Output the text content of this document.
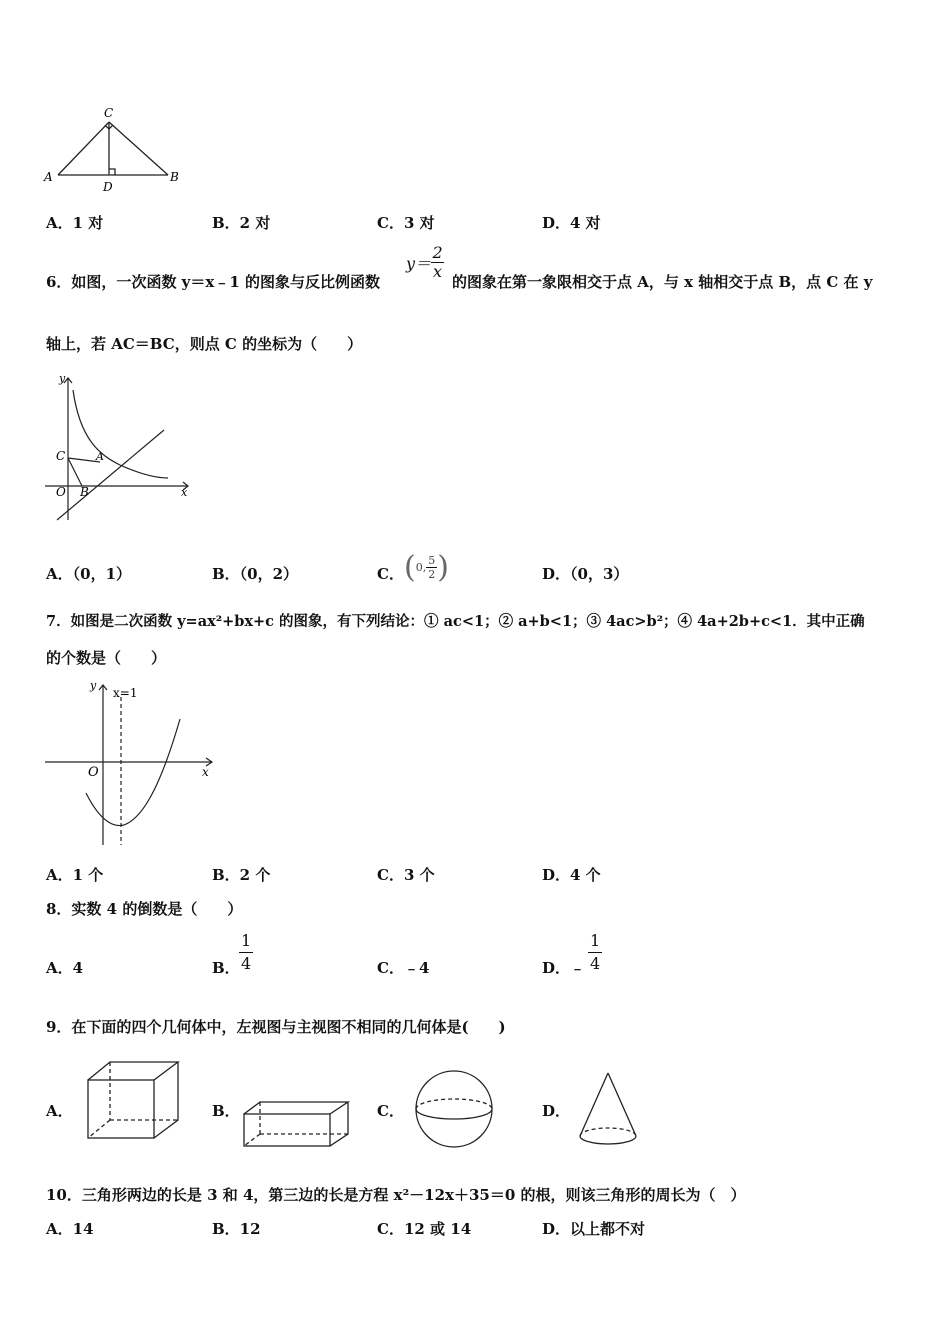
C
A
D
B
A．1 对	B．2 对	C．3 对	D．4 对
6．如图，一次函数 y＝x﹣1 的图象与反比例函数
$y= \frac{2}{x}$
的图象在第一象限相交于点 A，与 x 轴相交于点 B，点 C 在 y
轴上，若 AC＝BC，则点 C 的坐标为（　　）
y
C	A
O B	x
A．（0，1）	B．（0，2）	C． (0, $\frac{5}{2}$ )	D．（0，3）
7．如图是二次函数 y=ax²+bx+c 的图象，有下列结论：① ac<1；② a+b<1；③ 4ac>b²；④ 4a+2b+c<1．其中正确
的个数是（　　）
y
x=1
O	x
A．1 个	B．2 个	C．3 个	D．4 个
8．实数 4 的倒数是（　　）
A．4	B． $\frac{1}{4}$	C．﹣4	D．﹣ $\frac{1}{4}$
9．在下面的四个几何体中，左视图与主视图不相同的几何体是(　　)
A．	B．	C．	D．
10．三角形两边的长是 3 和 4，第三边的长是方程 x²－12x＋35＝0 的根，则该三角形的周长为（　）
A．14	B．12	C．12 或 14	D．以上都不对
